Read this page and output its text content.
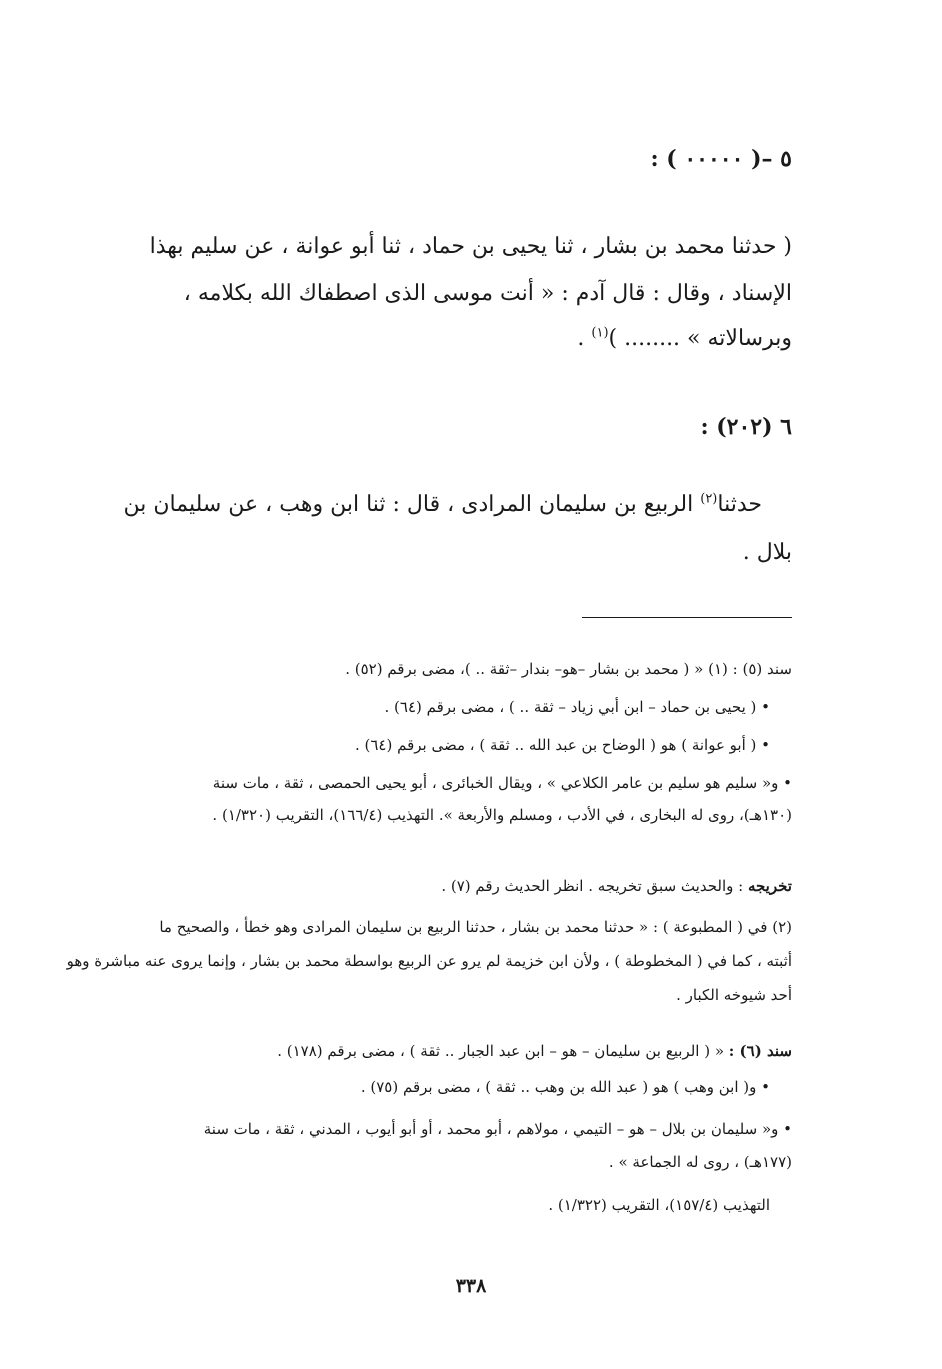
٥ –( ٠٠٠٠٠ ) :
( حدثنا محمد بن بشار ، ثنا يحيى بن حماد ، ثنا أبو عوانة ، عن سليم بهذا
الإسناد ، وقال : قال آدم : « أنت موسى الذى اصطفاك الله بكلامه ،
وبرسالاته » ........ )$^{(١)}$ .
٦ (٢٠٢) :
حدثنا$^{(٢)}$ الربيع بن سليمان المرادى ، قال : ثنا ابن وهب ، عن سليمان بن
بلال .
سند (٥) : (١) « ( محمد بن بشار –هو– بندار –ثقة .. )، مضى برقم (٥٢) .
• ( يحيى بن حماد – ابن أبي زياد – ثقة .. ) ، مضى برقم (٦٤) .
• ( أبو عوانة ) هو ( الوضاح بن عبد الله .. ثقة ) ، مضى برقم (٦٤) .
• و« سليم هو سليم بن عامر الكلاعي » ، ويقال الخبائرى ، أبو يحيى الحمصى ، ثقة ، مات سنة
(١٣٠هـ)، روى له البخارى ، في الأدب ، ومسلم والأربعة ». التهذيب (١٦٦/٤)، التقريب (١/٣٢٠) .
تخريجه : والحديث سبق تخريجه . انظر الحديث رقم (٧) .
(٢) في ( المطبوعة ) : « حدثنا محمد بن بشار ، حدثنا الربيع بن سليمان المرادى وهو خطأ ، والصحيح ما
أثبته ، كما في ( المخطوطة ) ، ولأن ابن خزيمة لم يرو عن الربيع بواسطة محمد بن بشار ، وإنما يروى عنه مباشرة وهو
أحد شيوخه الكبار .
سند (٦) : « ( الربيع بن سليمان – هو – ابن عبد الجبار .. ثقة ) ، مضى برقم (١٧٨) .
• و( ابن وهب ) هو ( عبد الله بن وهب .. ثقة ) ، مضى برقم (٧٥) .
• و« سليمان بن بلال – هو – التيمي ، مولاهم ، أبو محمد ، أو أبو أيوب ، المدني ، ثقة ، مات سنة
(١٧٧هـ) ، روى له الجماعة » .
التهذيب (١٥٧/٤)، التقريب (١/٣٢٢) .
٣٣٨
